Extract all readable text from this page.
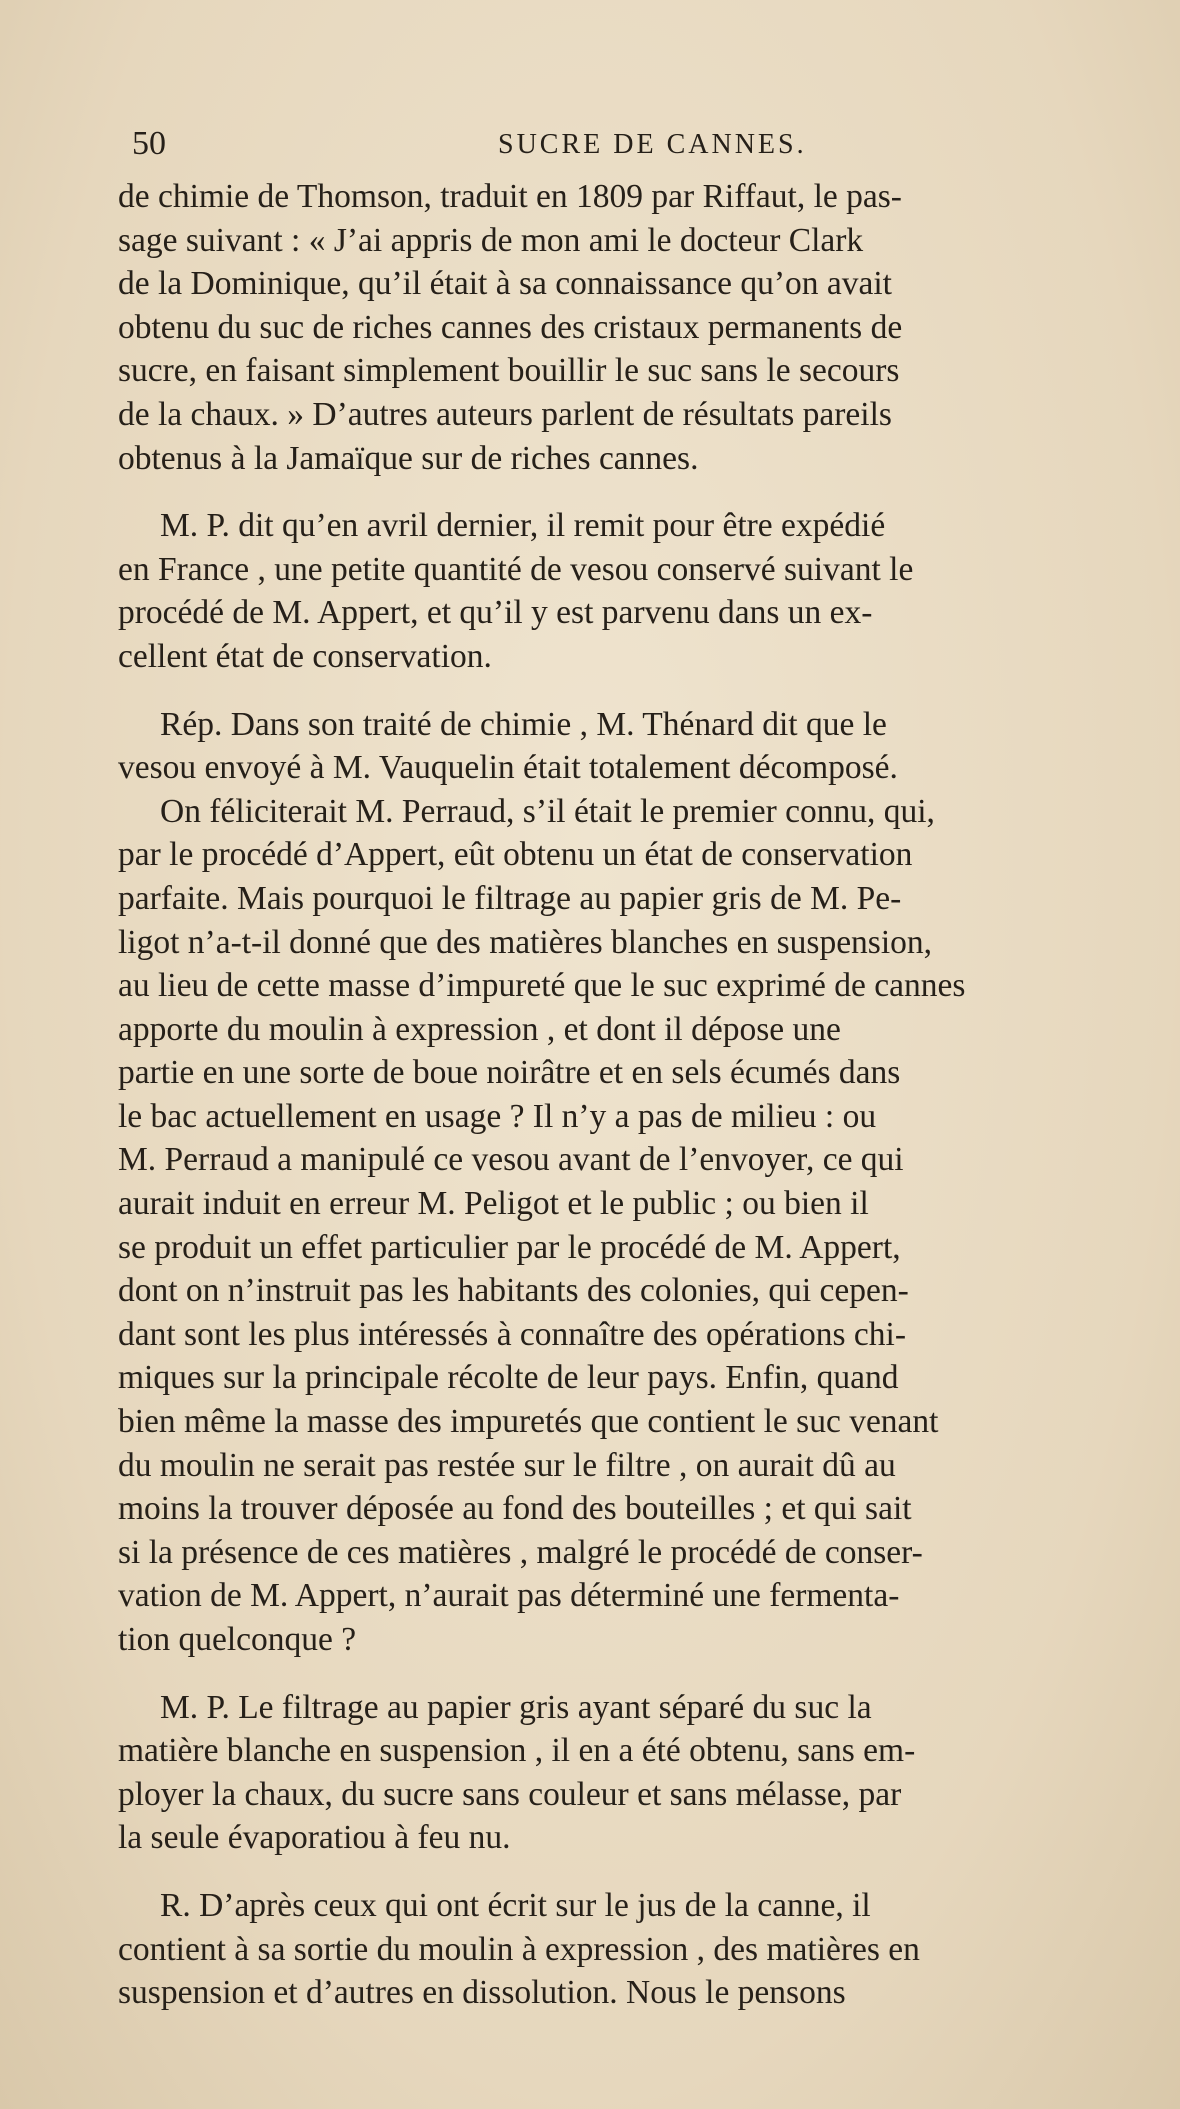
50	SUCRE DE CANNES.
de chimie de Thomson, traduit en 1809 par Riffaut, le pas-
sage suivant : « J’ai appris de mon ami le docteur Clark
de la Dominique, qu’il était à sa connaissance qu’on avait
obtenu du suc de riches cannes des cristaux permanents de
sucre, en faisant simplement bouillir le suc sans le secours
de la chaux. » D’autres auteurs parlent de résultats pareils
obtenus à la Jamaïque sur de riches cannes.
M. P. dit qu’en avril dernier, il remit pour être expédié
en France , une petite quantité de vesou conservé suivant le
procédé de M. Appert, et qu’il y est parvenu dans un ex-
cellent état de conservation.
Rép. Dans son traité de chimie , M. Thénard dit que le
vesou envoyé à M. Vauquelin était totalement décomposé.
On féliciterait M. Perraud, s’il était le premier connu, qui,
par le procédé d’Appert, eût obtenu un état de conservation
parfaite. Mais pourquoi le filtrage au papier gris de M. Pe-
ligot n’a-t-il donné que des matières blanches en suspension,
au lieu de cette masse d’impureté que le suc exprimé de cannes
apporte du moulin à expression , et dont il dépose une
partie en une sorte de boue noirâtre et en sels écumés dans
le bac actuellement en usage ? Il n’y a pas de milieu : ou
M. Perraud a manipulé ce vesou avant de l’envoyer, ce qui
aurait induit en erreur M. Peligot et le public ; ou bien il
se produit un effet particulier par le procédé de M. Appert,
dont on n’instruit pas les habitants des colonies, qui cepen-
dant sont les plus intéressés à connaître des opérations chi-
miques sur la principale récolte de leur pays. Enfin, quand
bien même la masse des impuretés que contient le suc venant
du moulin ne serait pas restée sur le filtre , on aurait dû au
moins la trouver déposée au fond des bouteilles ; et qui sait
si la présence de ces matières , malgré le procédé de conser-
vation de M. Appert, n’aurait pas déterminé une fermenta-
tion quelconque ?
M. P. Le filtrage au papier gris ayant séparé du suc la
matière blanche en suspension , il en a été obtenu, sans em-
ployer la chaux, du sucre sans couleur et sans mélasse, par
la seule évaporatiou à feu nu.
R. D’après ceux qui ont écrit sur le jus de la canne, il
contient à sa sortie du moulin à expression , des matières en
suspension et d’autres en dissolution. Nous le pensons
